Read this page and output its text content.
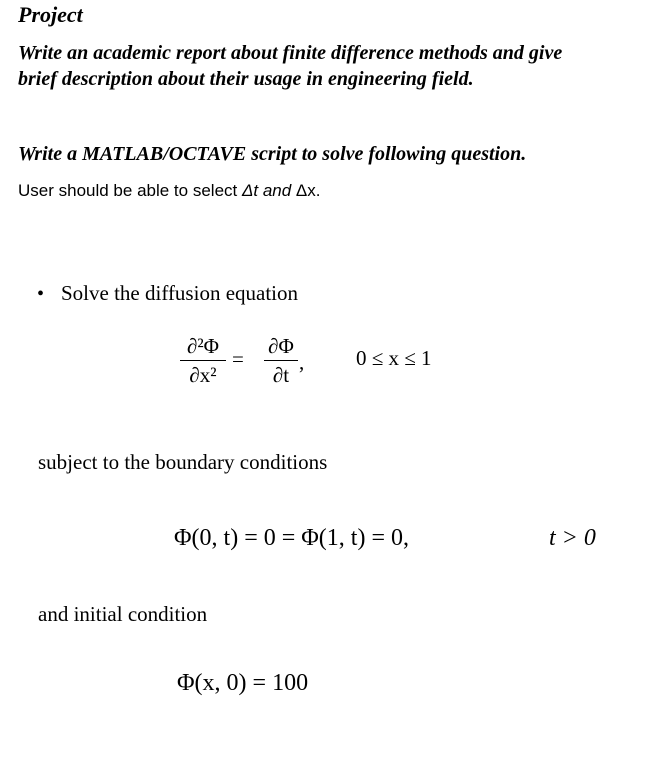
Project
Write an academic report about finite difference methods and give
brief description about their usage in engineering field.
Write a MATLAB/OCTAVE script to solve following question.
User should be able to select Δt and Δx.
• Solve the diffusion equation
∂²Φ
∂x²
=
∂Φ
∂t
, 0 ≤ x ≤ 1
subject to the boundary conditions
Φ(0, t) = 0 = Φ(1, t) = 0,	t > 0
and initial condition
Φ(x, 0) = 100
